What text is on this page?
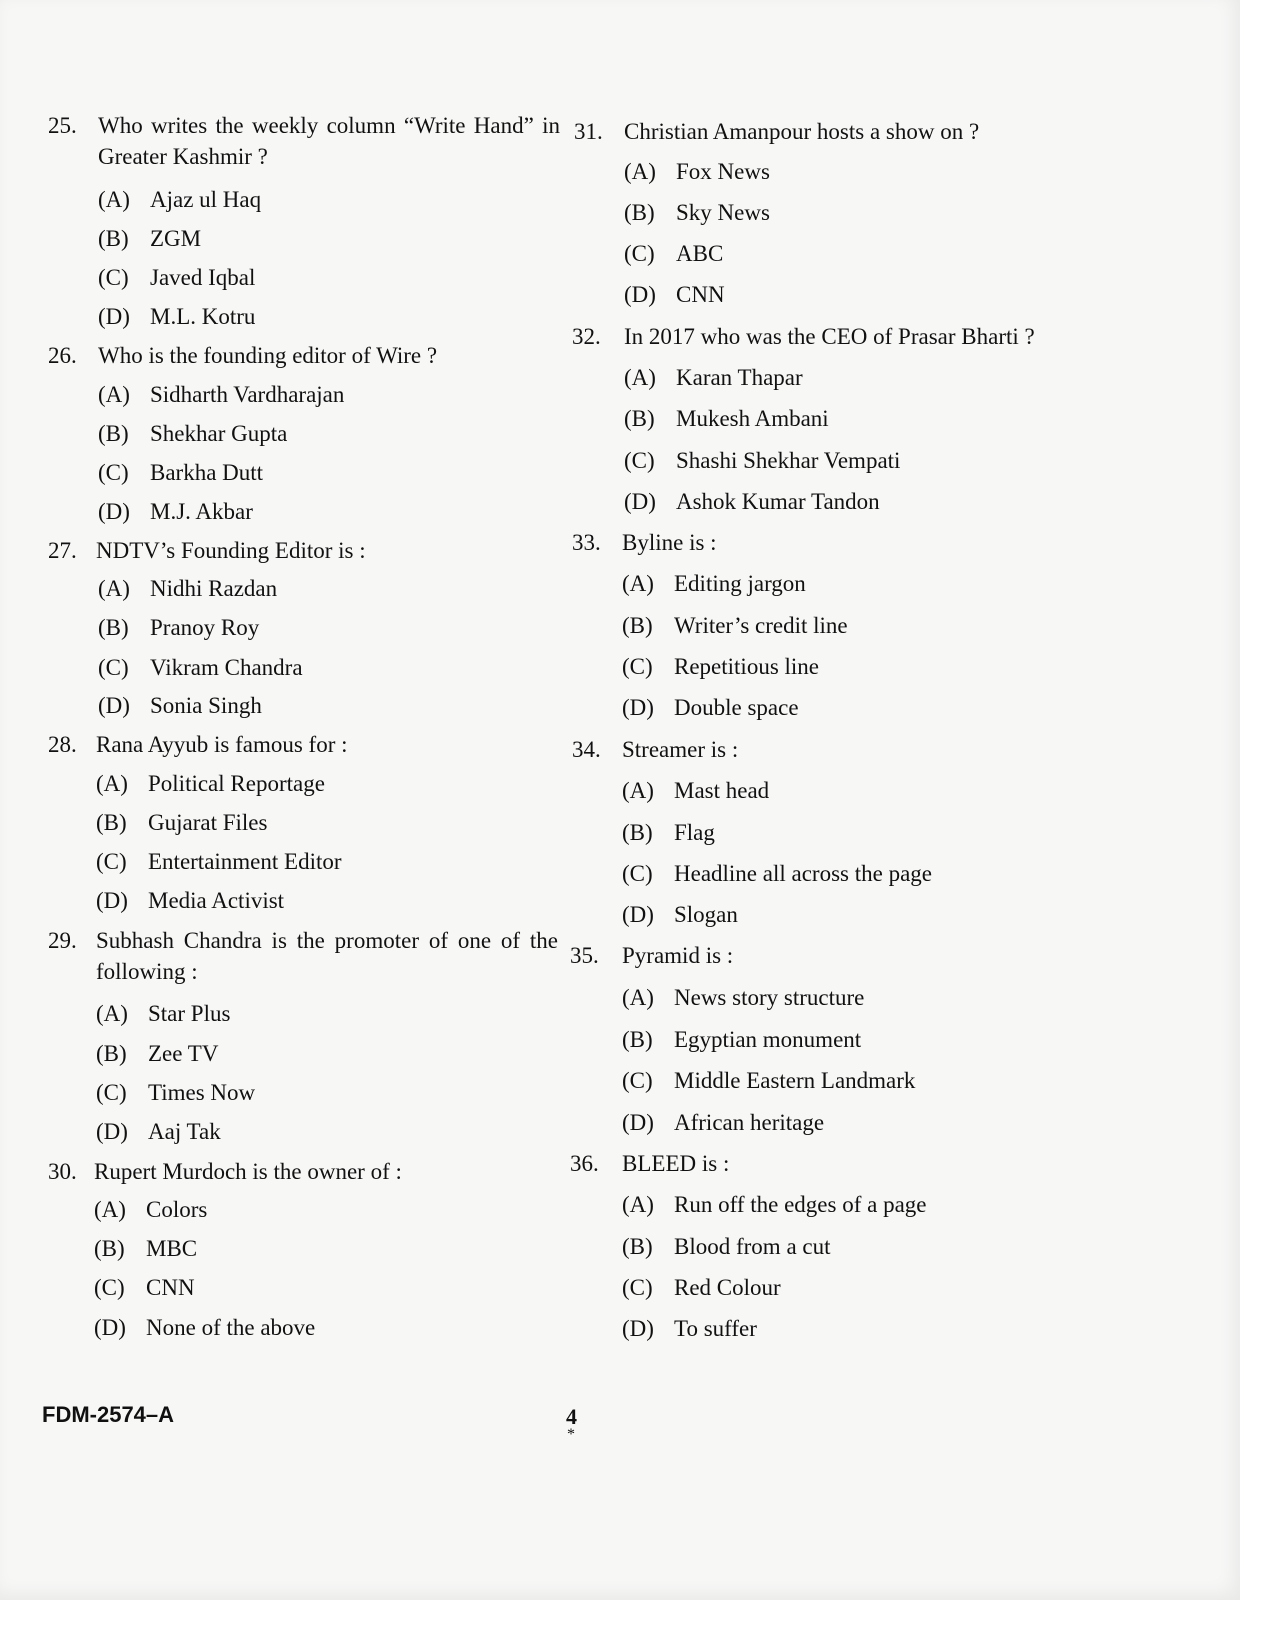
25. Who writes the weekly column “Write Hand” in Greater Kashmir ?
(A) Ajaz ul Haq
(B) ZGM
(C) Javed Iqbal
(D) M.L. Kotru
26. Who is the founding editor of Wire ?
(A) Sidharth Vardharajan
(B) Shekhar Gupta
(C) Barkha Dutt
(D) M.J. Akbar
27. NDTV’s Founding Editor is :
(A) Nidhi Razdan
(B) Pranoy Roy
(C) Vikram Chandra
(D) Sonia Singh
28. Rana Ayyub is famous for :
(A) Political Reportage
(B) Gujarat Files
(C) Entertainment Editor
(D) Media Activist
29. Subhash Chandra is the promoter of one of the following :
(A) Star Plus
(B) Zee TV
(C) Times Now
(D) Aaj Tak
30. Rupert Murdoch is the owner of :
(A) Colors
(B) MBC
(C) CNN
(D) None of the above
31. Christian Amanpour hosts a show on ?
(A) Fox News
(B) Sky News
(C) ABC
(D) CNN
32. In 2017 who was the CEO of Prasar Bharti ?
(A) Karan Thapar
(B) Mukesh Ambani
(C) Shashi Shekhar Vempati
(D) Ashok Kumar Tandon
33. Byline is :
(A) Editing jargon
(B) Writer’s credit line
(C) Repetitious line
(D) Double space
34. Streamer is :
(A) Mast head
(B) Flag
(C) Headline all across the page
(D) Slogan
35. Pyramid is :
(A) News story structure
(B) Egyptian monument
(C) Middle Eastern Landmark
(D) African heritage
36. BLEED is :
(A) Run off the edges of a page
(B) Blood from a cut
(C) Red Colour
(D) To suffer
FDM-2574–A	4
*
